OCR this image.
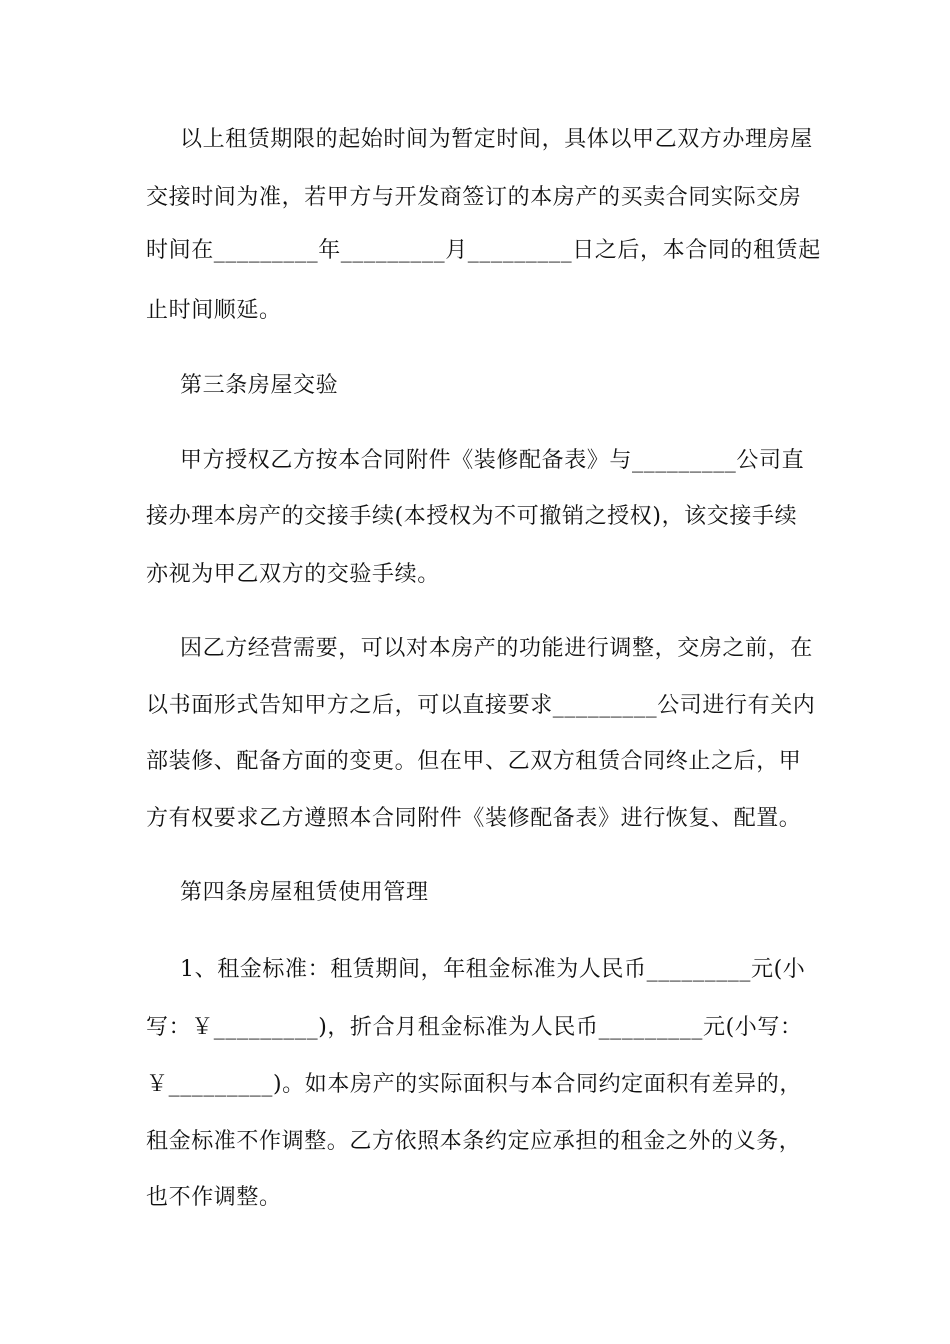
以上租赁期限的起始时间为暂定时间，具体以甲乙双方办理房屋
交接时间为准，若甲方与开发商签订的本房产的买卖合同实际交房
时间在_________年_________月_________日之后，本合同的租赁起
止时间顺延。
第三条房屋交验
甲方授权乙方按本合同附件《装修配备表》与_________公司直
接办理本房产的交接手续(本授权为不可撤销之授权)，该交接手续
亦视为甲乙双方的交验手续。
因乙方经营需要，可以对本房产的功能进行调整，交房之前，在
以书面形式告知甲方之后，可以直接要求_________公司进行有关内
部装修、配备方面的变更。但在甲、乙双方租赁合同终止之后，甲
方有权要求乙方遵照本合同附件《装修配备表》进行恢复、配置。
第四条房屋租赁使用管理
1、租金标准：租赁期间，年租金标准为人民币_________元(小
写：￥_________)，折合月租金标准为人民币_________元(小写：
￥_________)。如本房产的实际面积与本合同约定面积有差异的，
租金标准不作调整。乙方依照本条约定应承担的租金之外的义务，
也不作调整。
